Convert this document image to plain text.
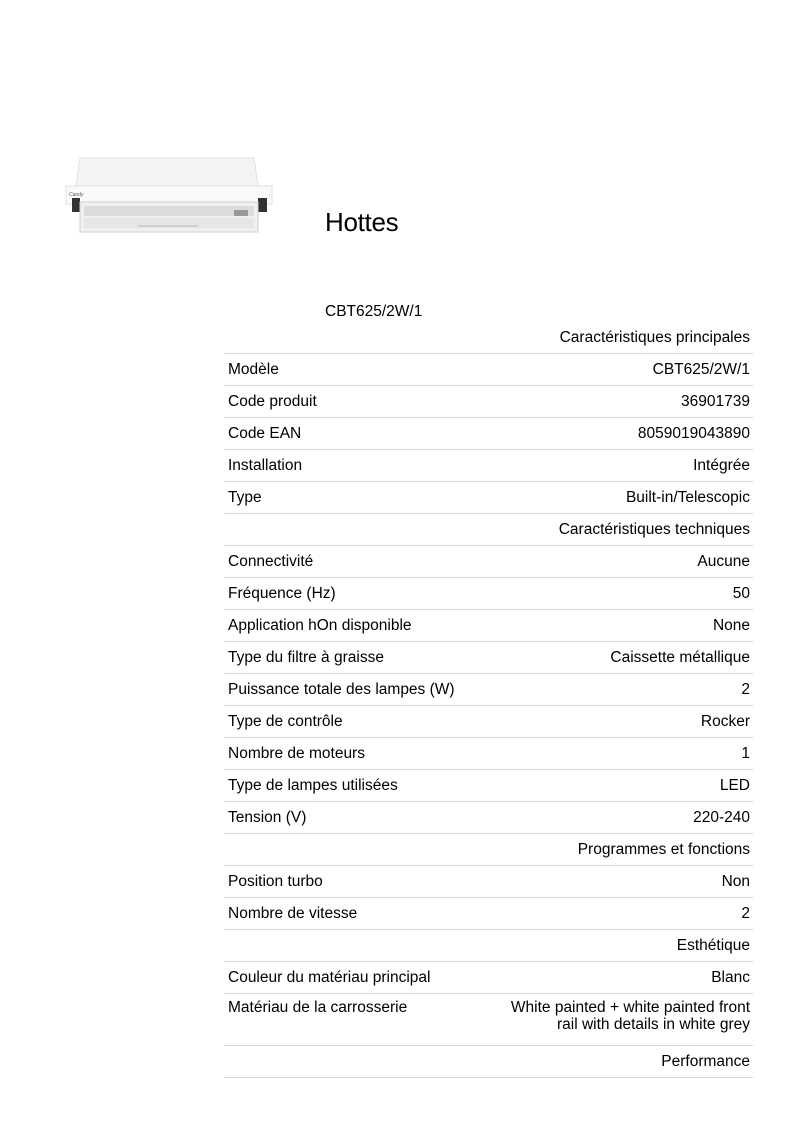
Candy
Hottes
CBT625/2W/1
Caractéristiques principales	
Modèle	CBT625/2W/1
Code produit	36901739
Code EAN	8059019043890
Installation	Intégrée
Type	Built-in/Telescopic
Caractéristiques techniques	
Connectivité	Aucune
Fréquence (Hz)	50
Application hOn disponible	None
Type du filtre à graisse	Caissette métallique
Puissance totale des lampes (W)	2
Type de contrôle	Rocker
Nombre de moteurs	1
Type de lampes utilisées	LED
Tension (V)	220-240
Programmes et fonctions	
Position turbo	Non
Nombre de vitesse	2
Esthétique	
Couleur du matériau principal	Blanc
Matériau de la carrosserie	White painted + white painted front
rail with details in white grey
Performance	
